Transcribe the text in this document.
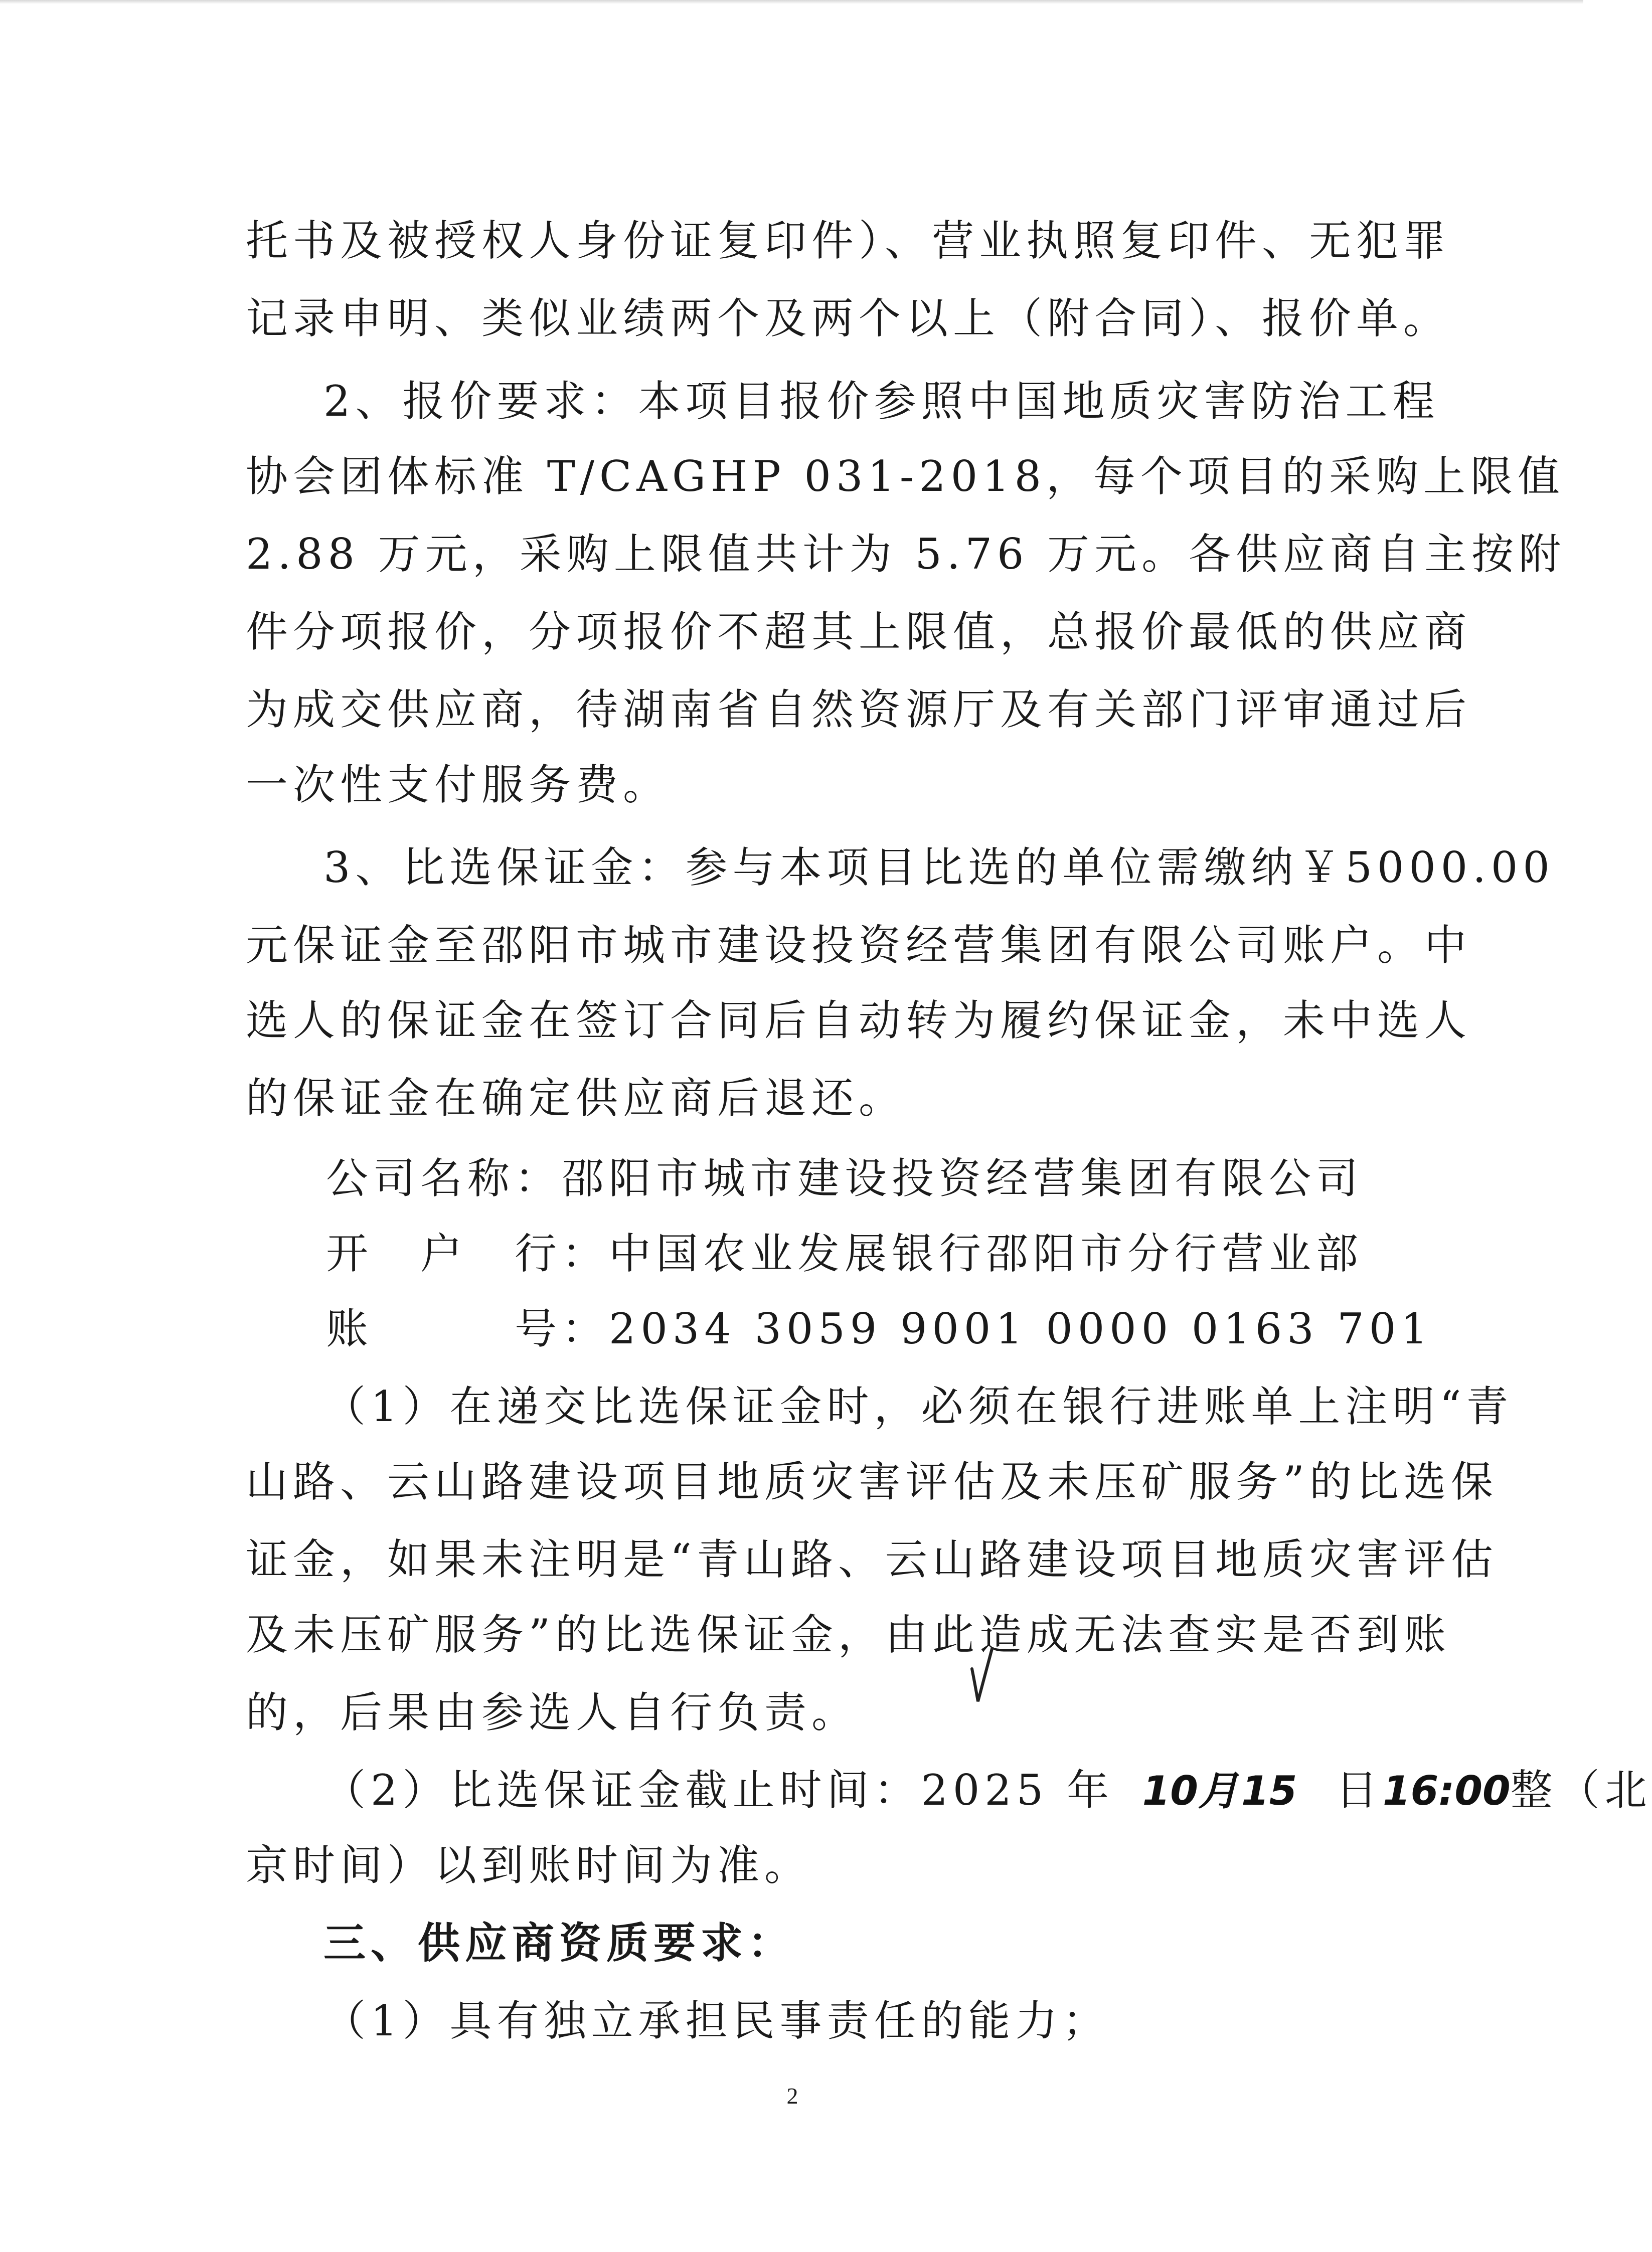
托书及被授权人身份证复印件）、营业执照复印件、无犯罪
记录申明、类似业绩两个及两个以上（附合同）、报价单。
2、报价要求：本项目报价参照中国地质灾害防治工程
协会团体标准 T/CAGHP 031-2018，每个项目的采购上限值
2.88 万元，采购上限值共计为 5.76 万元。各供应商自主按附
件分项报价，分项报价不超其上限值，总报价最低的供应商
为成交供应商，待湖南省自然资源厅及有关部门评审通过后
一次性支付服务费。
3、比选保证金：参与本项目比选的单位需缴纳￥5000.00
元保证金至邵阳市城市建设投资经营集团有限公司账户。中
选人的保证金在签订合同后自动转为履约保证金，未中选人
的保证金在确定供应商后退还。
公司名称：邵阳市城市建设投资经营集团有限公司
开　户　行：中国农业发展银行邵阳市分行营业部
账　　　号：2034 3059 9001 0000 0163 701
（1）在递交比选保证金时，必须在银行进账单上注明“青
山路、云山路建设项目地质灾害评估及未压矿服务”的比选保
证金，如果未注明是“青山路、云山路建设项目地质灾害评估
及未压矿服务”的比选保证金，由此造成无法查实是否到账
的，后果由参选人自行负责。
（2）比选保证金截止时间：2025 年 10月15 日16:00整（北
京时间）以到账时间为准。
三、供应商资质要求：
（1）具有独立承担民事责任的能力；
2
